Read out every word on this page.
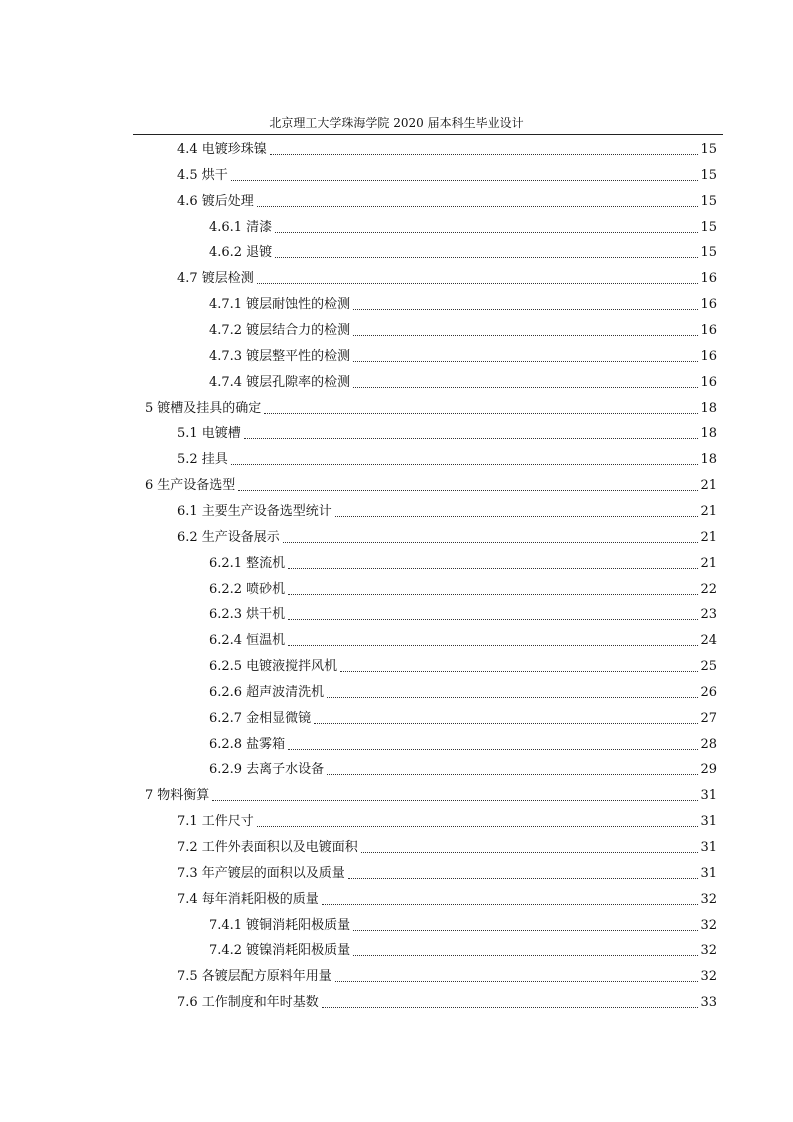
北京理工大学珠海学院 2020 届本科生毕业设计
4.4 电镀珍珠镍	15
4.5 烘干	15
4.6 镀后处理	15
4.6.1 清漆	15
4.6.2 退镀	15
4.7 镀层检测	16
4.7.1 镀层耐蚀性的检测	16
4.7.2 镀层结合力的检测	16
4.7.3 镀层整平性的检测	16
4.7.4 镀层孔隙率的检测	16
5 镀槽及挂具的确定	18
5.1 电镀槽	18
5.2 挂具	18
6 生产设备选型	21
6.1 主要生产设备选型统计	21
6.2 生产设备展示	21
6.2.1 整流机	21
6.2.2 喷砂机	22
6.2.3 烘干机	23
6.2.4 恒温机	24
6.2.5 电镀液搅拌风机	25
6.2.6 超声波清洗机	26
6.2.7 金相显微镜	27
6.2.8 盐雾箱	28
6.2.9 去离子水设备	29
7 物料衡算	31
7.1 工件尺寸	31
7.2 工件外表面积以及电镀面积	31
7.3 年产镀层的面积以及质量	31
7.4 每年消耗阳极的质量	32
7.4.1 镀铜消耗阳极质量	32
7.4.2 镀镍消耗阳极质量	32
7.5 各镀层配方原料年用量	32
7.6 工作制度和年时基数	33
